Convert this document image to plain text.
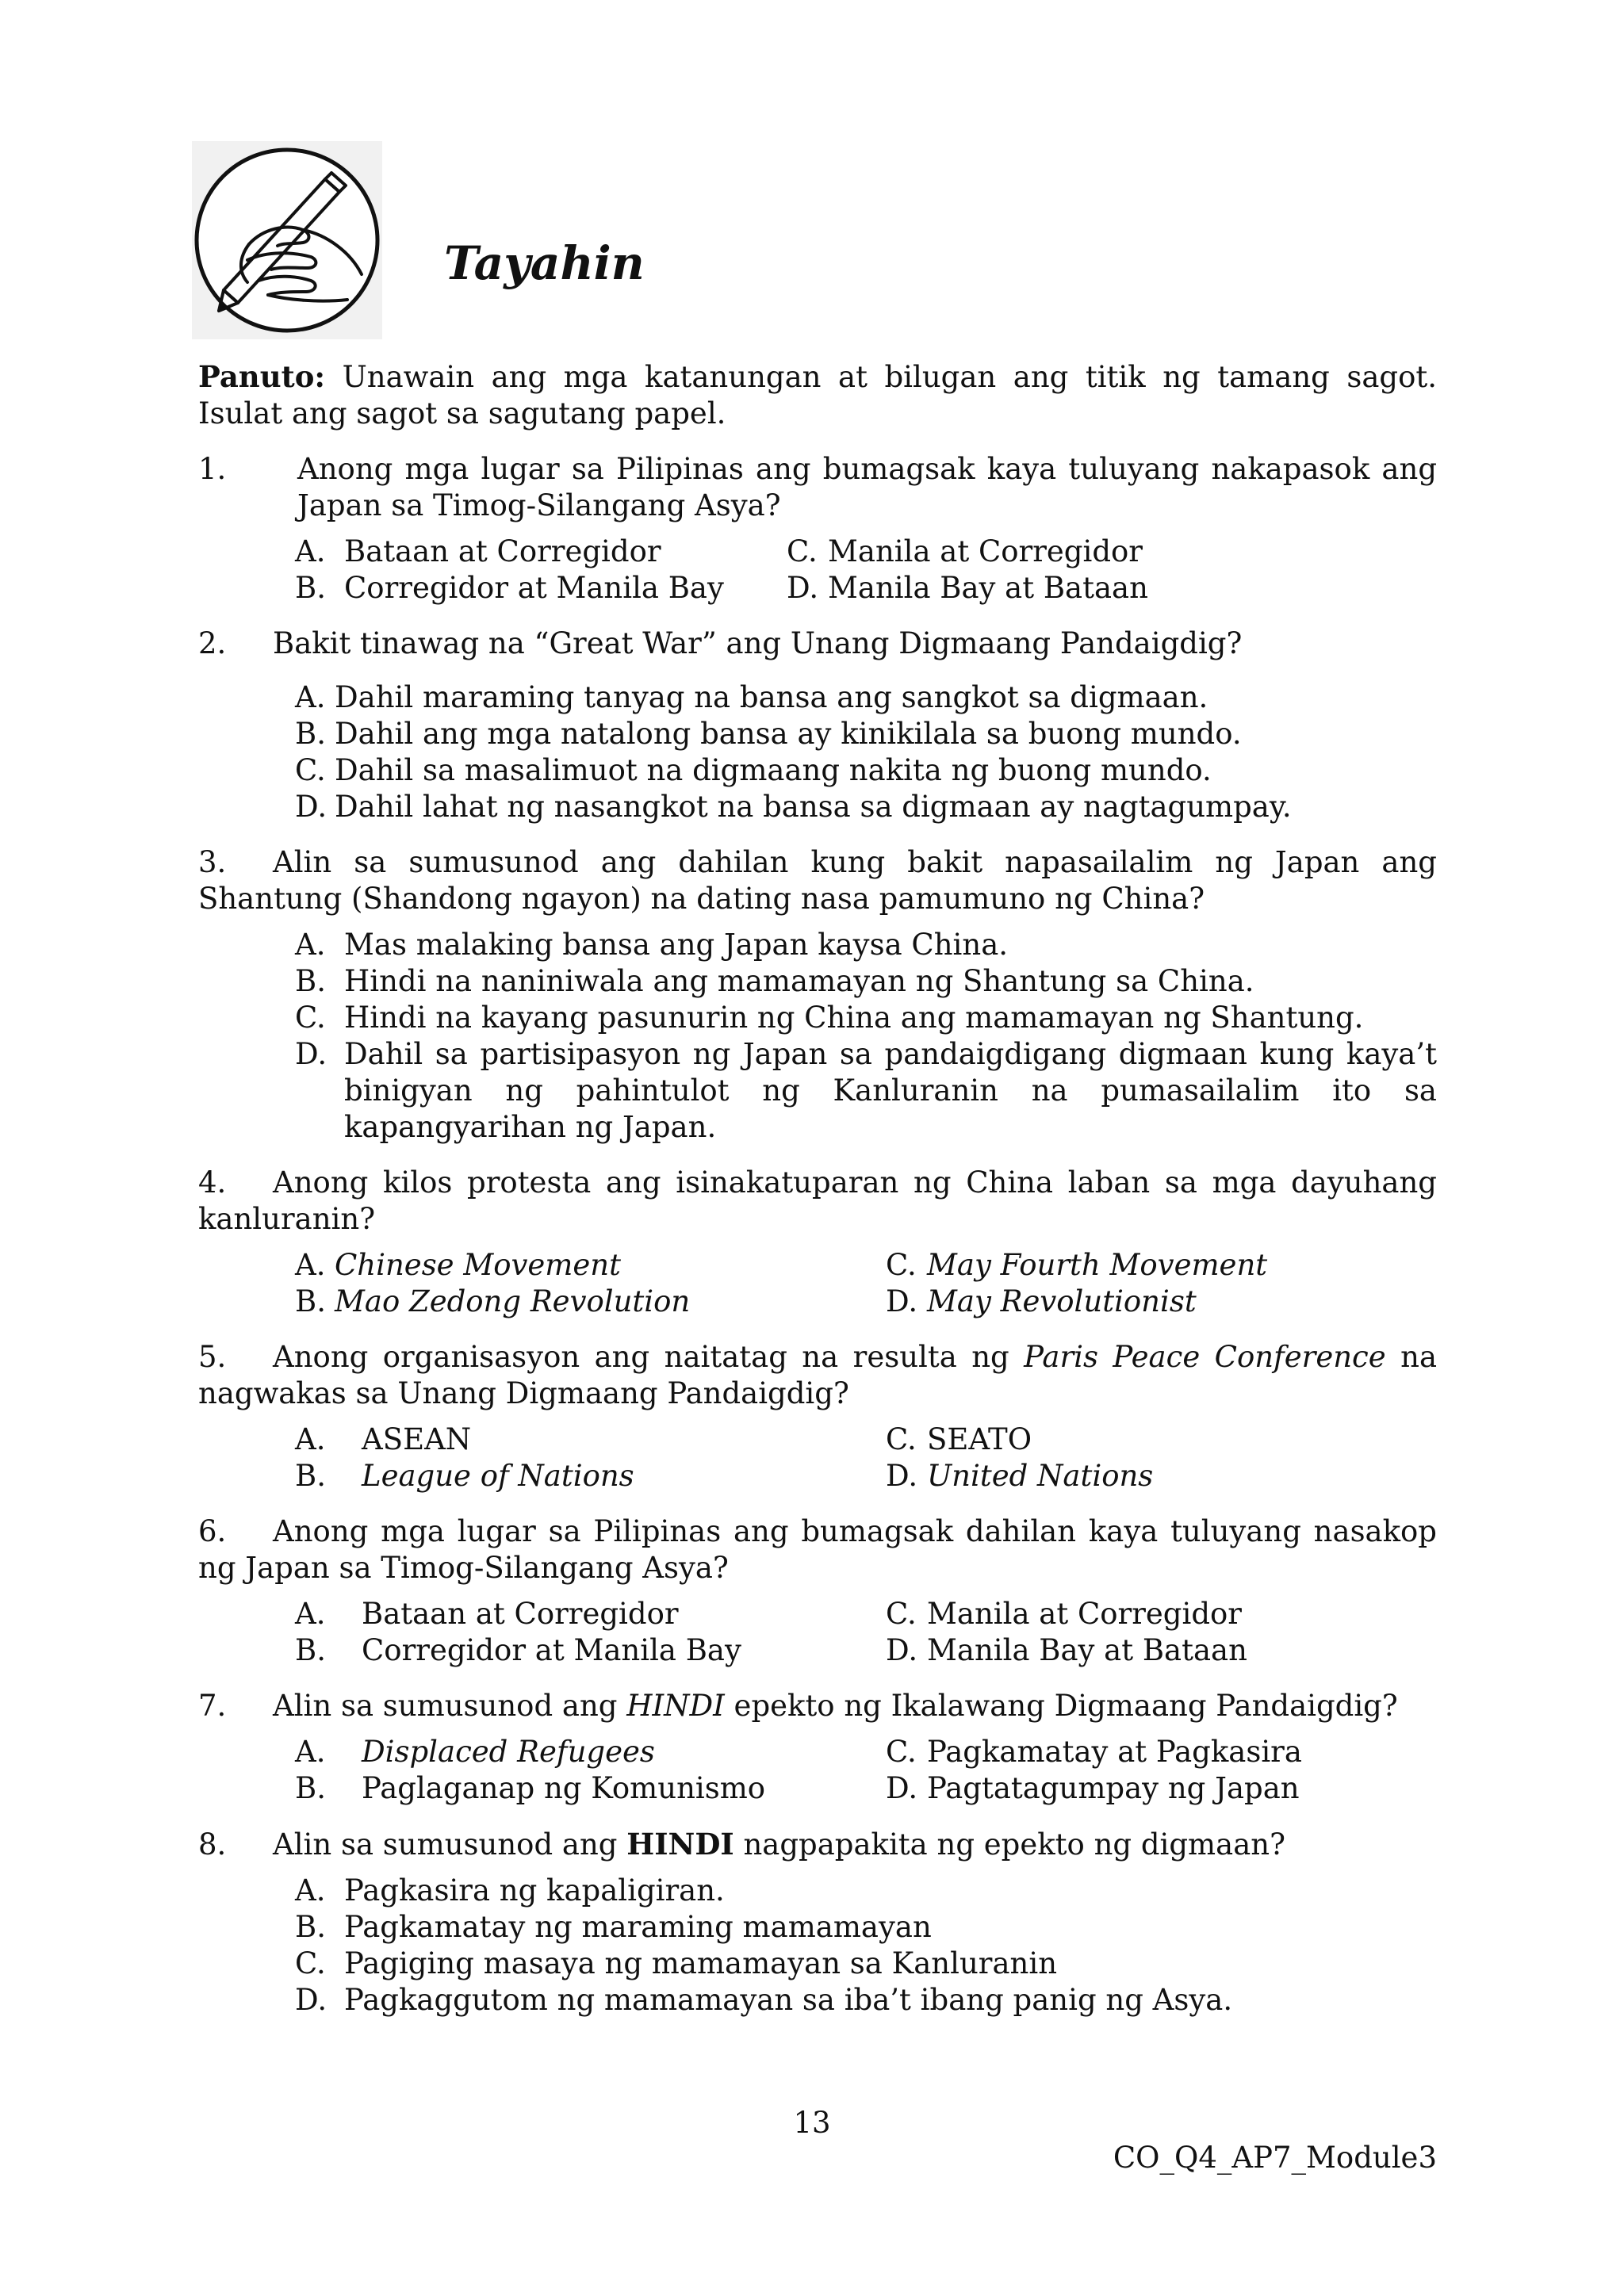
Tayahin

Panuto: Unawain ang mga katanungan at bilugan ang titik ng tamang sagot. Isulat ang sagot sa sagutang papel.

1.	Anong mga lugar sa Pilipinas ang bumagsak kaya tuluyang nakapasok ang Japan sa Timog-Silangang Asya?
A. Bataan at Corregidor	C. Manila at Corregidor
B. Corregidor at Manila Bay	D. Manila Bay at Bataan
2.	Bakit tinawag na “Great War” ang Unang Digmaang Pandaigdig?
A. Dahil maraming tanyag na bansa ang sangkot sa digmaan.
B. Dahil ang mga natalong bansa ay kinikilala sa buong mundo.
C. Dahil sa masalimuot na digmaang nakita ng buong mundo.
D. Dahil lahat ng nasangkot na bansa sa digmaan ay nagtagumpay.
3. Alin sa sumusunod ang dahilan kung bakit napasailalim ng Japan ang Shantung (Shandong ngayon) na dating nasa pamumuno ng China?
A. Mas malaking bansa ang Japan kaysa China.
B. Hindi na naniniwala ang mamamayan ng Shantung sa China.
C. Hindi na kayang pasunurin ng China ang mamamayan ng Shantung.
D. Dahil sa partisipasyon ng Japan sa pandaigdigang digmaan kung kaya’t binigyan ng pahintulot ng Kanluranin na pumasailalim ito sa kapangyarihan ng Japan.
4. Anong kilos protesta ang isinakatuparan ng China laban sa mga dayuhang kanluranin?
A. Chinese Movement	C. May Fourth Movement
B. Mao Zedong Revolution	D. May Revolutionist
5. Anong organisasyon ang naitatag na resulta ng Paris Peace Conference na nagwakas sa Unang Digmaang Pandaigdig?
A.	ASEAN	C. SEATO
B.	League of Nations	D. United Nations
6. Anong mga lugar sa Pilipinas ang bumagsak dahilan kaya tuluyang nasakop ng Japan sa Timog-Silangang Asya?
A.	Bataan at Corregidor	C. Manila at Corregidor
B.	Corregidor at Manila Bay	D. Manila Bay at Bataan
7. Alin sa sumusunod ang HINDI epekto ng Ikalawang Digmaang Pandaigdig?
A.	Displaced Refugees	C. Pagkamatay at Pagkasira
B.	Paglaganap ng Komunismo	D. Pagtatagumpay ng Japan
8. Alin sa sumusunod ang HINDI nagpapakita ng epekto ng digmaan?
A. Pagkasira ng kapaligiran.
B. Pagkamatay ng maraming mamamayan
C. Pagiging masaya ng mamamayan sa Kanluranin
D. Pagkaggutom ng mamamayan sa iba’t ibang panig ng Asya.
13
CO_Q4_AP7_Module3
